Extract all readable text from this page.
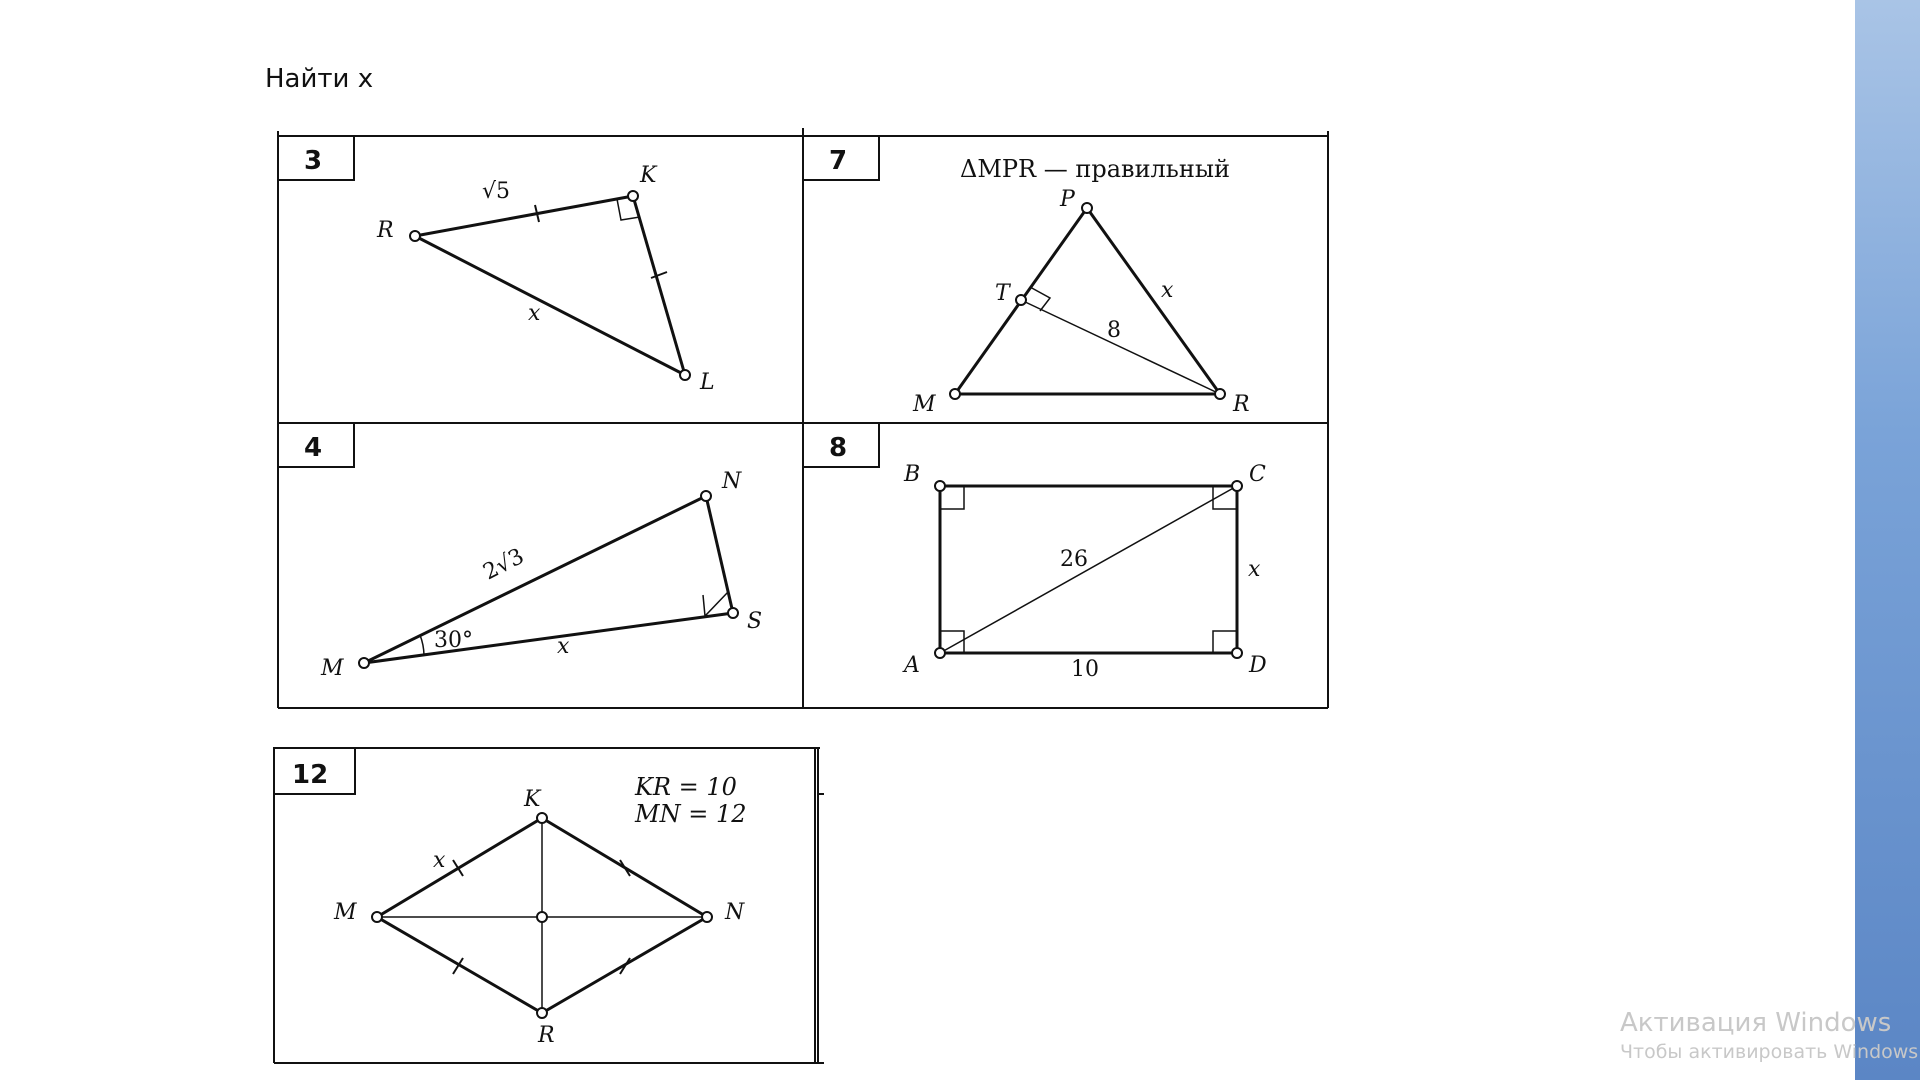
Найти x
3
R
K
L
√5
x
7	ΔMPR — правильный
P
T
M	R
x
8
4
M
N
S
2√3
30°	x
8
B	C
A	D
26
10
x
12	KR = 10
MN = 12
K
M	N
R
x
Активация Windows
Чтобы активировать Windows
